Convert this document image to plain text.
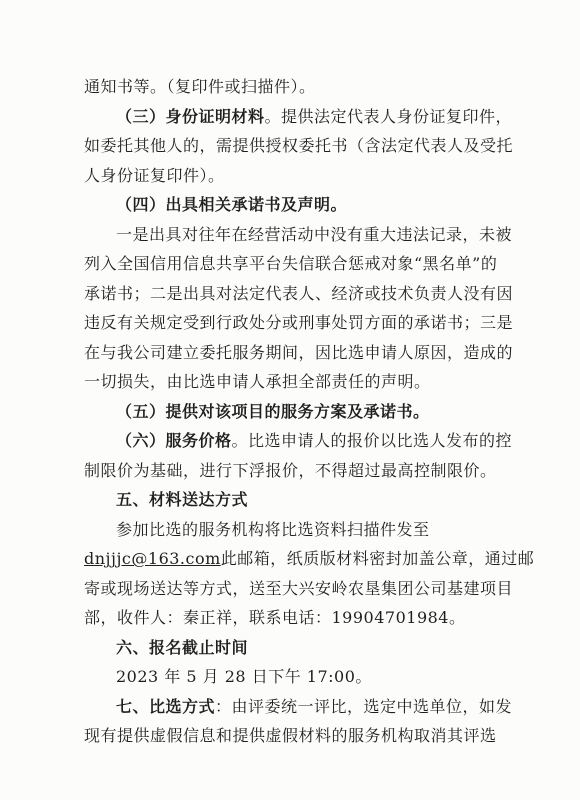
通知书等。（复印件或扫描件）。
（三）身份证明材料。提供法定代表人身份证复印件，
如委托其他人的，需提供授权委托书（含法定代表人及受托
人身份证复印件）。
（四）出具相关承诺书及声明。
一是出具对往年在经营活动中没有重大违法记录，未被
列入全国信用信息共享平台失信联合惩戒对象“黑名单”的
承诺书；二是出具对法定代表人、经济或技术负责人没有因
违反有关规定受到行政处分或刑事处罚方面的承诺书；三是
在与我公司建立委托服务期间，因比选申请人原因，造成的
一切损失，由比选申请人承担全部责任的声明。
（五）提供对该项目的服务方案及承诺书。
（六）服务价格。比选申请人的报价以比选人发布的控
制限价为基础，进行下浮报价，不得超过最高控制限价。
五、材料送达方式
参加比选的服务机构将比选资料扫描件发至
dnjjjc@163.com此邮箱，纸质版材料密封加盖公章，通过邮
寄或现场送达等方式，送至大兴安岭农垦集团公司基建项目
部，收件人：秦正祥，联系电话：19904701984。
六、报名截止时间
2023 年 5 月 28 日下午 17:00。
七、比选方式：由评委统一评比，选定中选单位，如发
现有提供虚假信息和提供虚假材料的服务机构取消其评选
